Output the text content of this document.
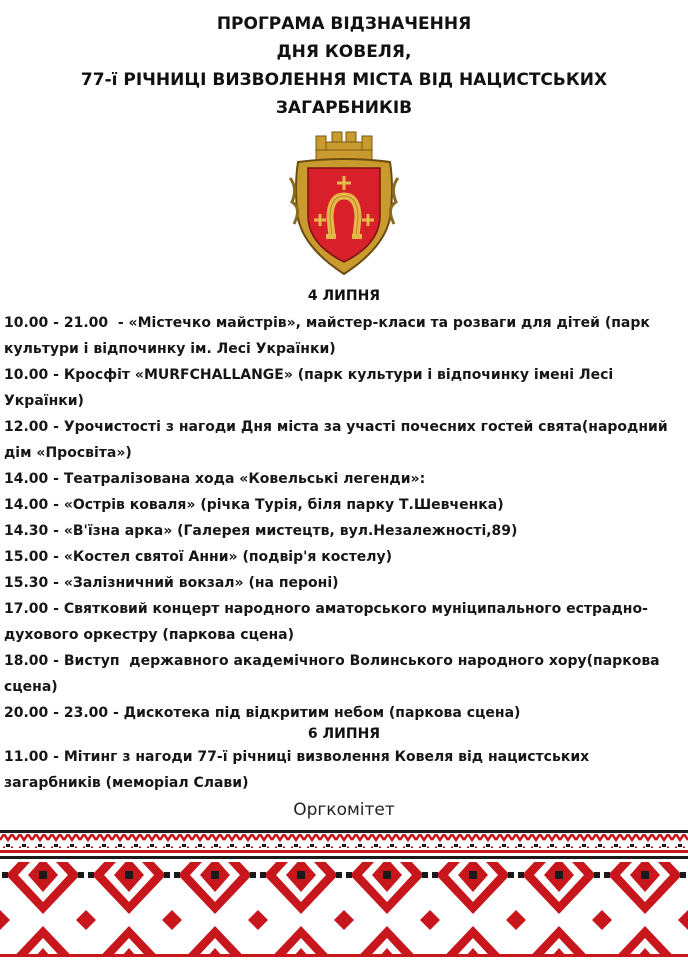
ПРОГРАМА ВІДЗНАЧЕННЯ
ДНЯ КОВЕЛЯ,
77-ї РІЧНИЦІ ВИЗВОЛЕННЯ МІСТА ВІД НАЦИСТСЬКИХ
ЗАГАРБНИКІВ
4 ЛИПНЯ

10.00 - 21.00  - «Містечко майстрів», майстер-класи та розваги для дітей (парк культури і відпочинку ім. Лесі Українки)

10.00 - Кросфіт «MURFCHALLANGE» (парк культури і відпочинку імені Лесі Українки)

12.00 - Урочистості з нагоди Дня міста за участі почесних гостей свята(народний дім «Просвіта»)

14.00 - Театралізована хода «Ковельські легенди»:

14.00 - «Острів коваля» (річка Турія, біля парку Т.Шевченка)

14.30 - «В'їзна арка» (Галерея мистецтв, вул.Незалежності,89)

15.00 - «Костел святої Анни» (подвір'я костелу)

15.30 - «Залізничний вокзал» (на пероні)

17.00 - Святковий концерт народного аматорського муніципального естрадно-духового оркестру (паркова сцена)

18.00 - Виступ  державного академічного Волинського народного хору(паркова сцена)

20.00 - 23.00 - Дискотека під відкритим небом (паркова сцена)

6 ЛИПНЯ

11.00 - Мітинг з нагоди 77-ї річниці визволення Ковеля від нацистських загарбників (меморіал Слави)

Оргкомітет
